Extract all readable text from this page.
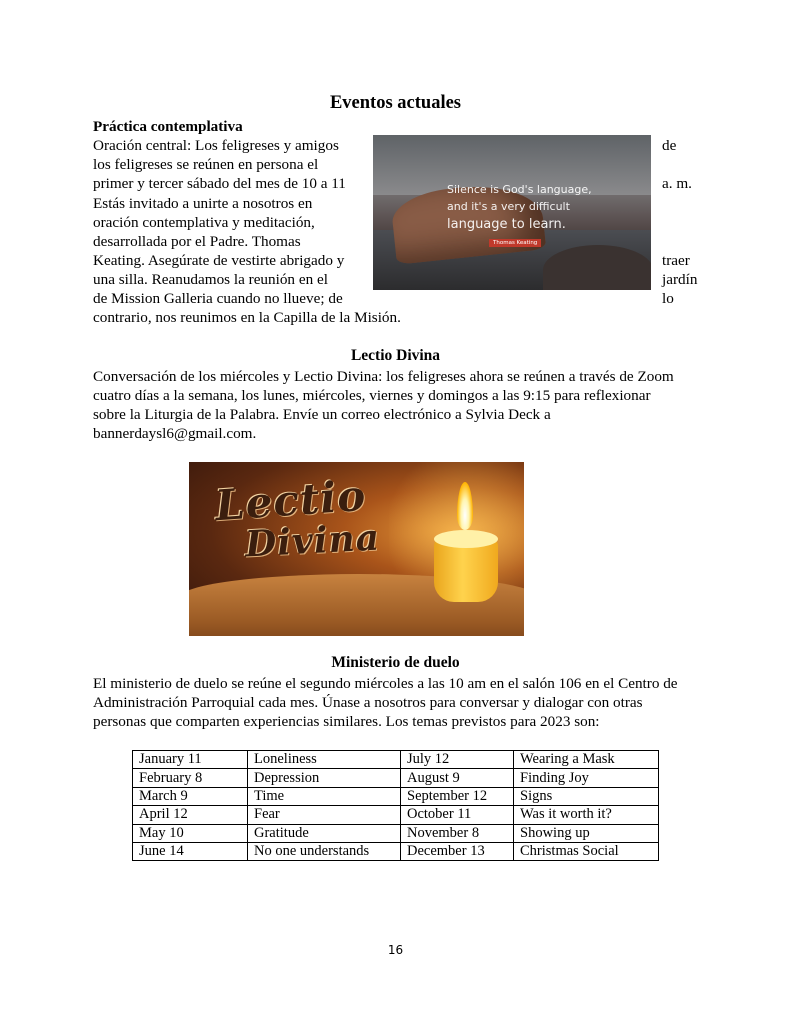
Eventos actuales
Práctica contemplativa
Oración central: Los feligreses y amigos
los feligreses se reúnen en persona el
primer y tercer sábado del mes de 10 a 11
Estás invitado a unirte a nosotros en
oración contemplativa y meditación,
desarrollada por el Padre. Thomas
Keating. Asegúrate de vestirte abrigado y
una silla. Reanudamos la reunión en el
de Mission Galleria cuando no llueve; de
contrario, nos reunimos en la Capilla de la Misión.
de
a. m.
traer
jardín
lo
Silence is God's language,
and it's a very difficult
language to learn.
Thomas Keating
Lectio Divina
Conversación de los miércoles y Lectio Divina: los feligreses ahora se reúnen a través de Zoom
cuatro días a la semana, los lunes, miércoles, viernes y domingos a las 9:15 para reflexionar
sobre la Liturgia de la Palabra. Envíe un correo electrónico a Sylvia Deck a
bannerdaysl6@gmail.com.
Lectio
Divina
Ministerio de duelo
El ministerio de duelo se reúne el segundo miércoles a las 10 am en el salón 106 en el Centro de
Administración Parroquial cada mes. Únase a nosotros para conversar y dialogar con otras
personas que comparten experiencias similares. Los temas previstos para 2023 son:
January 11	Loneliness	July 12	Wearing a Mask
February 8	Depression	August 9	Finding Joy
March 9	Time	September 12	Signs
April 12	Fear	October 11	Was it worth it?
May 10	Gratitude	November 8	Showing up
June 14	No one understands	December 13	Christmas Social
16
